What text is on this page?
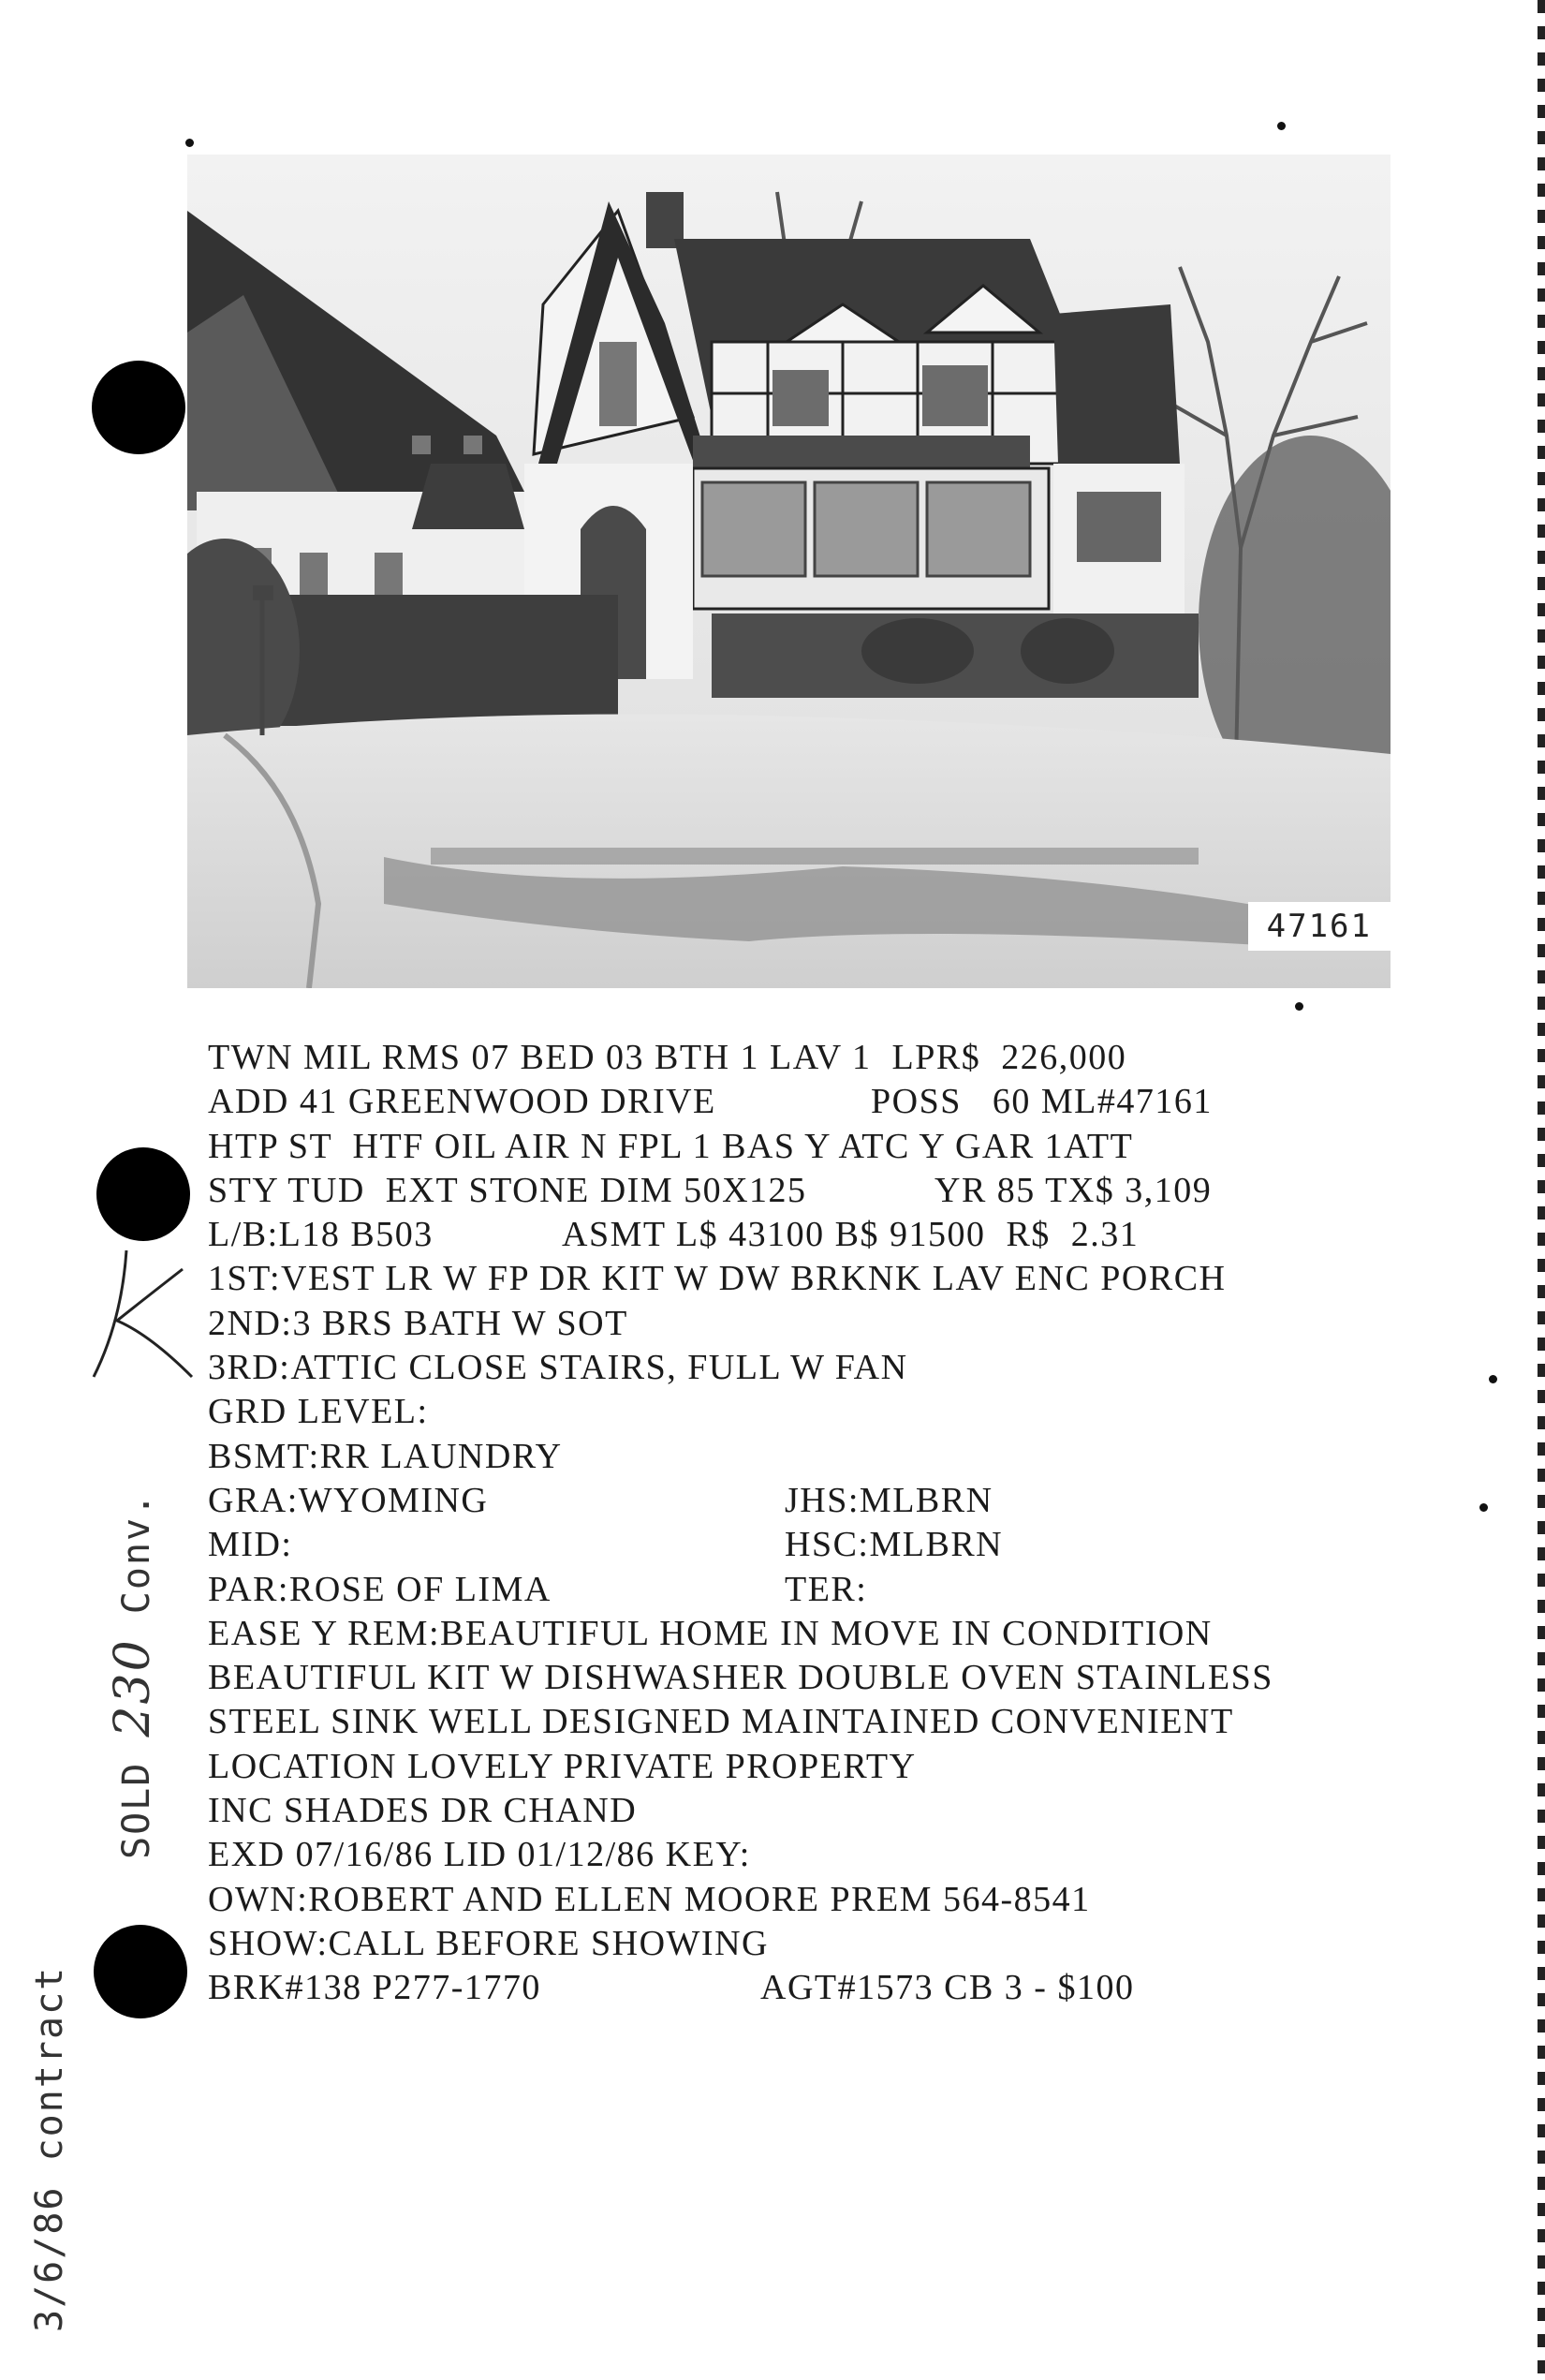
47161
TWN MIL RMS 07 BED 03 BTH 1 LAV 1  LPR$  226,000
ADD 41 GREENWOOD DRIVE	POSS   60 ML#47161
HTP ST  HTF OIL AIR N FPL 1 BAS Y ATC Y GAR 1ATT
STY TUD  EXT STONE DIM 50X125	YR 85 TX$ 3,109
L/B:L18 B503	ASMT L$ 43100 B$ 91500  R$  2.31
1ST:VEST LR W FP DR KIT W DW BRKNK LAV ENC PORCH
2ND:3 BRS BATH W SOT
3RD:ATTIC CLOSE STAIRS, FULL W FAN
GRD LEVEL:
BSMT:RR LAUNDRY
GRA:WYOMING	JHS:MLBRN
MID:	HSC:MLBRN
PAR:ROSE OF LIMA	TER:
EASE Y REM:BEAUTIFUL HOME IN MOVE IN CONDITION
BEAUTIFUL KIT W DISHWASHER DOUBLE OVEN STAINLESS
STEEL SINK WELL DESIGNED MAINTAINED CONVENIENT
LOCATION LOVELY PRIVATE PROPERTY
INC SHADES DR CHAND
EXD 07/16/86 LID 01/12/86 KEY:
OWN:ROBERT AND ELLEN MOORE PREM 564-8541
SHOW:CALL BEFORE SHOWING
BRK#138 P277-1770	AGT#1573 CB 3 - $100
SOLD 230 Conv.
3/6/86 contract
